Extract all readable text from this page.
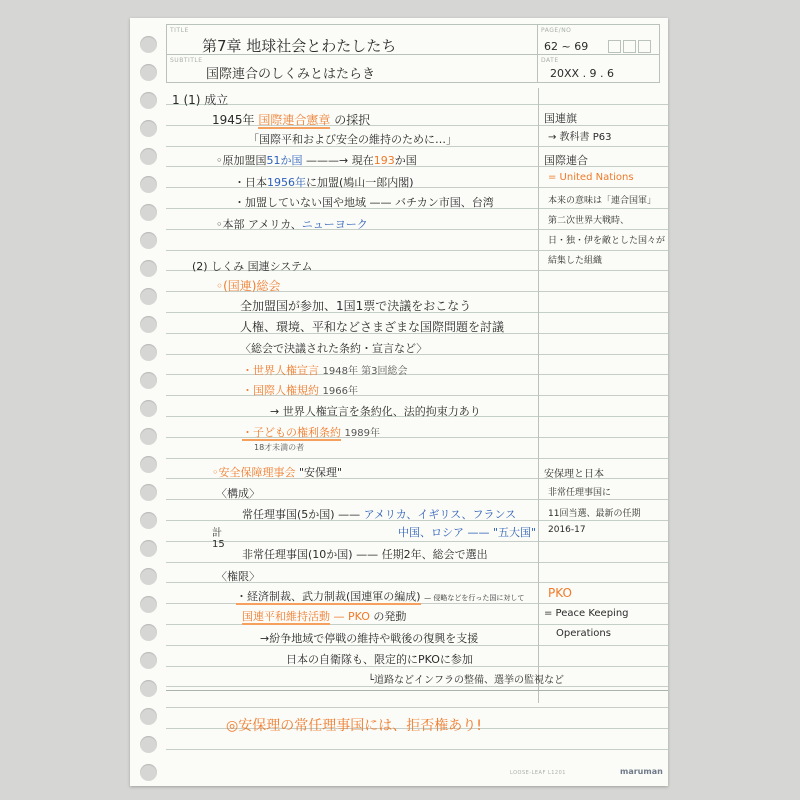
TITLE
SUBTITLE
PAGE/NO
DATE
第7章 地球社会とわたしたち
国際連合のしくみとはたらき
62 ~ 69
20XX . 9 . 6
1 (1) 成立
1945年 国際連合憲章 の採択
「国際平和および安全の維持のために…」
◦原加盟国51か国 ———→ 現在193か国
・日本1956年に加盟(鳩山一郎内閣)
・加盟していない国や地域 —— バチカン市国、台湾
◦本部 アメリカ、ニューヨーク
(2) しくみ 国連システム
◦(国連)総会
全加盟国が参加、1国1票で決議をおこなう
人権、環境、平和などさまざまな国際問題を討議
〈総会で決議された条約・宣言など〉
・世界人権宣言 1948年 第3回総会
・国際人権規約 1966年
→ 世界人権宣言を条約化、法的拘束力あり
・子どもの権利条約 1989年
18才未満の者
◦安全保障理事会 "安保理"
〈構成〉
常任理事国(5か国) —— アメリカ、イギリス、フランス
中国、ロシア —— "五大国"
計15
非常任理事国(10か国) —— 任期2年、総会で選出
〈権限〉
・経済制裁、武力制裁(国連軍の編成) — 侵略などを行った国に対して
国連平和維持活動 — PKO の発動
→紛争地域で停戦の維持や戦後の復興を支援
日本の自衛隊も、限定的にPKOに参加
└道路などインフラの整備、選挙の監視など
◎安保理の常任理事国には、拒否権あり!
国連旗
→ 教科書 P63
国際連合
= United Nations
本来の意味は「連合国軍」
第二次世界大戦時、
日・独・伊を敵とした国々が
結集した組織
安保理と日本
非常任理事国に
11回当選、最新の任期
2016-17
PKO
= Peace Keeping
Operations
LOOSE-LEAF L1201	maruman
